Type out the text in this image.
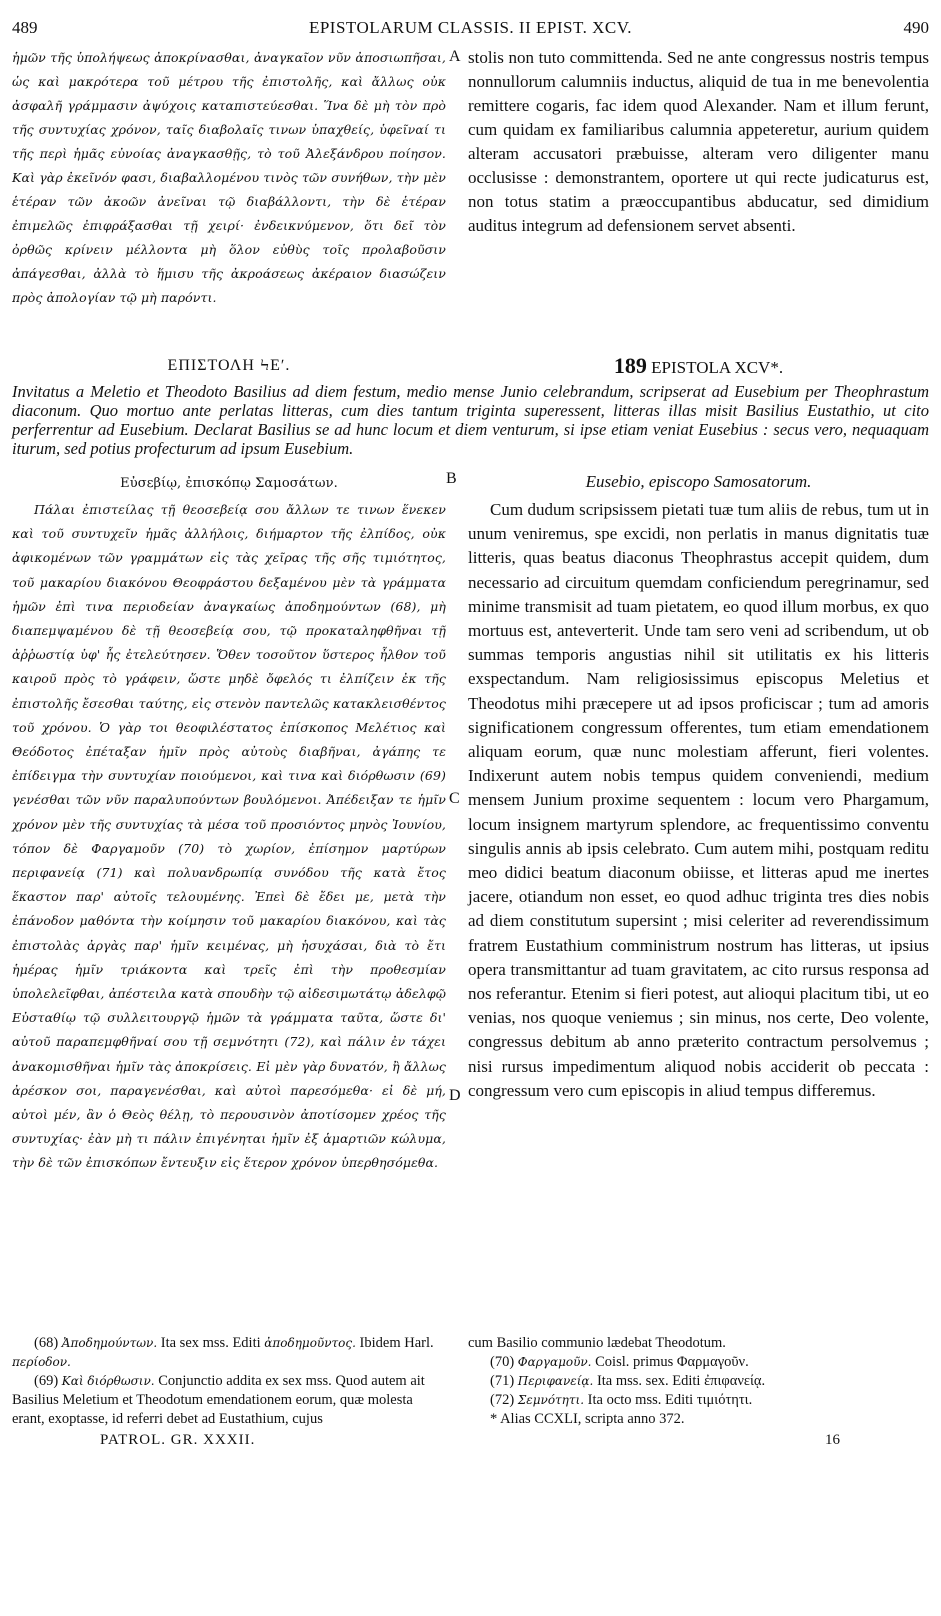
489	EPISTOLARUM CLASSIS. II EPIST. XCV.	490

ἡμῶν τῆς ὑπολήψεως ἀποκρίνασθαι, ἀναγκαῖον νῦν ἀποσιωπῆσαι, ὡς καὶ μακρότερα τοῦ μέτρου τῆς ἐπιστολῆς, καὶ ἄλλως οὐκ ἀσφαλῆ γράμμασιν ἀψύχοις καταπιστεύεσθαι. Ἵνα δὲ μὴ τὸν πρὸ τῆς συντυχίας χρόνον, ταῖς διαβολαῖς τινων ὑπαχθείς, ὑφεῖναί τι τῆς περὶ ἡμᾶς εὐνοίας ἀναγκασθῇς, τὸ τοῦ Ἀλεξάνδρου ποίησον. Καὶ γὰρ ἐκεῖνόν φασι, διαβαλλομένου τινὸς τῶν συνήθων, τὴν μὲν ἑτέραν τῶν ἀκοῶν ἀνεῖναι τῷ διαβάλλοντι, τὴν δὲ ἑτέραν ἐπιμελῶς ἐπιφράξασθαι τῇ χειρί· ἐνδεικνύμενον, ὅτι δεῖ τὸν ὀρθῶς κρίνειν μέλλοντα μὴ ὅλον εὐθὺς τοῖς προλαβοῦσιν ἀπάγεσθαι, ἀλλὰ τὸ ἥμισυ τῆς ἀκροάσεως ἀκέραιον διασώζειν πρὸς ἀπολογίαν τῷ μὴ παρόντι.

A stolis non tuto committenda. Sed ne ante congressus nostris tempus nonnullorum calumniis inductus, aliquid de tua in me benevolentia remittere cogaris, fac idem quod Alexander. Nam et illum ferunt, cum quidam ex familiaribus calumnia appeteretur, aurium quidem alteram accusatori præbuisse, alteram vero diligenter manu occlusisse : demonstrantem, oportere ut qui recte judicaturus est, non totus statim a præoccupantibus abducatur, sed dimidium auditus integrum ad defensionem servet absenti.

ΕΠΙΣΤΟΛΗ ϞΕʹ.	189 EPISTOLA XCV*.
Invitatus a Meletio et Theodoto Basilius ad diem festum, medio mense Junio celebrandum, scripserat ad Eusebium per Theophrastum diaconum. Quo mortuo ante perlatas litteras, cum dies tantum triginta superessent, litteras illas misit Basilius Eustathio, ut cito perferrentur ad Eusebium. Declarat Basilius se ad hunc locum et diem venturum, si ipse etiam veniat Eusebius : secus vero, nequaquam iturum, sed potius profecturum ad ipsum Eusebium.
Εὐσεβίῳ, ἐπισκόπῳ Σαμοσάτων.	B	Eusebio, episcopo Samosatorum.

Πάλαι ἐπιστείλας τῇ θεοσεβείᾳ σου ἄλλων τε τινων ἕνεκεν καὶ τοῦ συντυχεῖν ἡμᾶς ἀλλήλοις, διήμαρτον τῆς ἐλπίδος, οὐκ ἀφικομένων τῶν γραμμάτων εἰς τὰς χεῖρας τῆς σῆς τιμιότητος, τοῦ μακαρίου διακόνου Θεοφράστου δεξαμένου μὲν τὰ γράμματα ἡμῶν ἐπὶ τινα περιοδείαν ἀναγκαίως ἀποδημούντων (68), μὴ διαπεμψαμένου δὲ τῇ θεοσεβείᾳ σου, τῷ προκαταληφθῆναι τῇ ἀῤῥωστίᾳ ὑφ' ἧς ἐτελεύτησεν. Ὅθεν τοσοῦτον ὕστερος ἦλθον τοῦ καιροῦ πρὸς τὸ γράφειν, ὥστε μηδὲ ὄφελός τι ἐλπίζειν ἐκ τῆς ἐπιστολῆς ἔσεσθαι ταύτης, εἰς στενὸν παντελῶς κατακλεισθέντος τοῦ χρόνου. Ὁ γὰρ τοι θεοφιλέστατος ἐπίσκοπος Μελέτιος καὶ Θεόδοτος ἐπέταξαν ἡμῖν πρὸς αὐτοὺς διαβῆναι, ἀγάπης τε ἐπίδειγμα τὴν συντυχίαν ποιούμενοι, καὶ τινα καὶ διόρθωσιν (69) γενέσθαι τῶν νῦν παραλυπούντων βουλόμενοι. Ἀπέδειξαν τε ἡμῖν χρόνον μὲν τῆς συντυχίας τὰ μέσα τοῦ προσιόντος μηνὸς Ἰουνίου, τόπον δὲ Φαργαμοῦν (70) τὸ χωρίον, ἐπίσημον μαρτύρων περιφανείᾳ (71) καὶ πολυανδρωπίᾳ συνόδου τῆς κατὰ ἔτος ἕκαστον παρ' αὐτοῖς τελουμένης. Ἐπεὶ δὲ ἔδει με, μετὰ τὴν ἐπάνοδον μαθόντα τὴν κοίμησιν τοῦ μακαρίου διακόνου, καὶ τὰς ἐπιστολὰς ἀργὰς παρ' ἡμῖν κειμένας, μὴ ἡσυχάσαι, διὰ τὸ ἔτι ἡμέρας ἡμῖν τριάκοντα καὶ τρεῖς ἐπὶ τὴν προθεσμίαν ὑπολελεῖφθαι, ἀπέστειλα κατὰ σπουδὴν τῷ αἰδεσιμωτάτῳ ἀδελφῷ Εὐσταθίῳ τῷ συλλειτουργῷ ἡμῶν τὰ γράμματα ταῦτα, ὥστε δι' αὐτοῦ παραπεμφθῆναί σου τῇ σεμνότητι (72), καὶ πάλιν ἐν τάχει ἀνακομισθῆναι ἡμῖν τὰς ἀποκρίσεις. Εἰ μὲν γὰρ δυνατόν, ἢ ἄλλως ἀρέσκον σοι, παραγενέσθαι, καὶ αὐτοὶ παρεσόμεθα· εἰ δὲ μή, αὐτοὶ μέν, ἂν ὁ Θεὸς θέλῃ, τὸ περουσινὸν ἀποτίσομεν χρέος τῆς συντυχίας· ἐὰν μὴ τι πάλιν ἐπιγένηται ἡμῖν ἐξ ἁμαρτιῶν κώλυμα, τὴν δὲ τῶν ἐπισκόπων ἔντευξιν εἰς ἕτερον χρόνον ὑπερθησόμεθα.

C
D

Cum dudum scripsissem pietati tuæ tum aliis de rebus, tum ut in unum veniremus, spe excidi, non perlatis in manus dignitatis tuæ litteris, quas beatus diaconus Theophrastus accepit quidem, dum necessario ad circuitum quemdam conficiendum peregrinamur, sed minime transmisit ad tuam pietatem, eo quod illum morbus, ex quo mortuus est, anteverterit. Unde tam sero veni ad scribendum, ut ob summas temporis angustias nihil sit utilitatis ex his litteris exspectandum. Nam religiosissimus episcopus Meletius et Theodotus mihi præcepere ut ad ipsos proficiscar ; tum ad amoris significationem congressum offerentes, tum etiam emendationem aliquam eorum, quæ nunc molestiam afferunt, fieri volentes. Indixerunt autem nobis tempus quidem conveniendi, medium mensem Junium proxime sequentem : locum vero Phargamum, locum insignem martyrum splendore, ac frequentissimo conventu singulis annis ab ipsis celebrato. Cum autem mihi, postquam reditu meo didici beatum diaconum obiisse, et litteras apud me inertes jacere, otiandum non esset, eo quod adhuc triginta tres dies nobis ad diem constitutum supersint ; misi celeriter ad reverendissimum fratrem Eustathium comministrum nostrum has litteras, ut ipsius opera transmittantur ad tuam gravitatem, ac cito rursus responsa ad nos referantur. Etenim si fieri potest, aut alioqui placitum tibi, ut eo venias, nos quoque veniemus ; sin minus, nos certe, Deo volente, congressus debitum ab anno præterito contractum persolvemus ; nisi rursus impedimentum aliquod nobis acciderit ob peccata : congressum vero cum episcopis in aliud tempus differemus.

(68) Ἀποδημούντων. Ita sex mss. Editi ἀποδημοῦντος. Ibidem Harl. περίοδον.

(69) Καὶ διόρθωσιν. Conjunctio addita ex sex mss. Quod autem ait Basilius Meletium et Theodotum emendationem eorum, quæ molesta erant, exoptasse, id referri debet ad Eustathium, cujus

cum Basilio communio lædebat Theodotum.

(70) Φαργαμοῦν. Coisl. primus Φαρμαγοῦν.

(71) Περιφανείᾳ. Ita mss. sex. Editi ἐπιφανείᾳ.

(72) Σεμνότητι. Ita octo mss. Editi τιμιότητι.

* Alias CCXLI, scripta anno 372.

PATROL. GR. XXXII.	16
